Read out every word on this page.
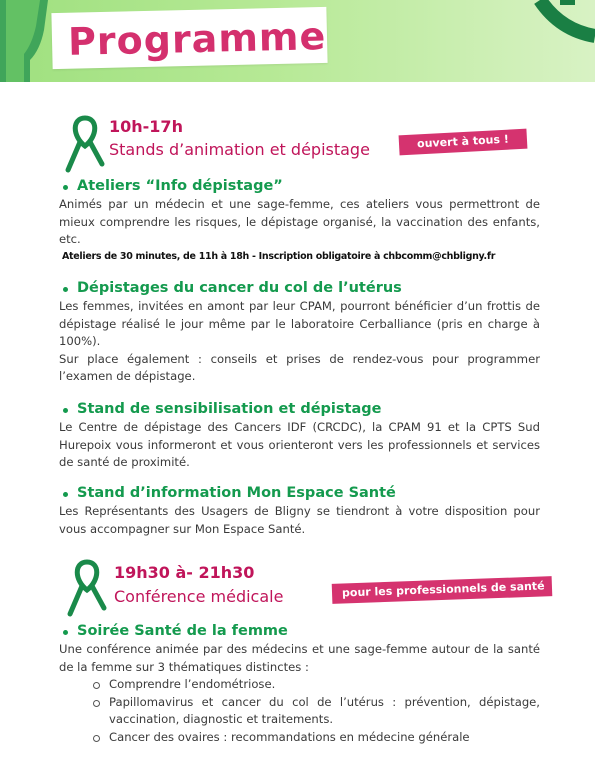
Programme
10h-17h
Stands d’animation et dépistage	ouvert à tous !
Ateliers “Info dépistage”

Animés par un médecin et une sage-femme, ces ateliers vous permettront de mieux comprendre les risques, le dépistage organisé, la vaccination des enfants, etc.

Ateliers de 30 minutes, de 11h à 18h - Inscription obligatoire à chbcomm@chbligny.fr

Dépistages du cancer du col de l’utérus

Les femmes, invitées en amont par leur CPAM, pourront bénéficier d’un frottis de dépistage réalisé le jour même par le laboratoire Cerballiance (pris en charge à 100%).

Sur place également : conseils et prises de rendez-vous pour programmer l’examen de dépistage.

Stand de sensibilisation et dépistage

Le Centre de dépistage des Cancers IDF (CRCDC), la CPAM 91 et la CPTS Sud Hurepoix vous informeront et vous orienteront vers les professionnels et services de santé de proximité.

Stand d’information Mon Espace Santé

Les Représentants des Usagers de Bligny se tiendront à votre disposition pour vous accompagner sur Mon Espace Santé.

19h30 à- 21h30
Conférence médicale	pour les professionnels de santé
Soirée Santé de la femme

Une conférence animée par des médecins et une sage-femme autour de la santé de la femme sur 3 thématiques distinctes :

Comprendre l’endométriose.
Papillomavirus et cancer du col de l’utérus : prévention, dépistage, vaccination, diagnostic et traitements.
Cancer des ovaires : recommandations en médecine générale
